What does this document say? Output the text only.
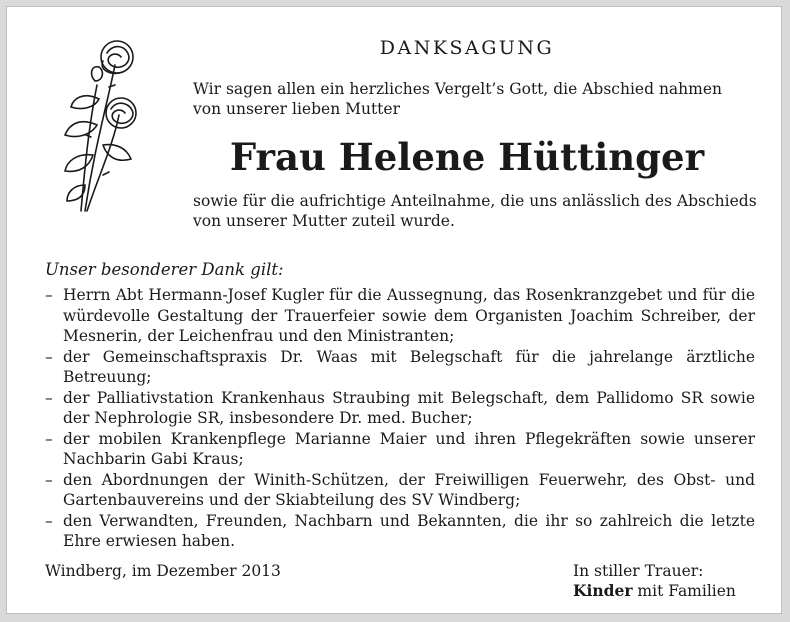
DANKSAGUNG
Wir sagen allen ein herzliches Vergelt’s Gott, die Abschied nahmen von unserer lieben Mutter
Frau Helene Hüttinger
sowie für die aufrichtige Anteilnahme, die uns anlässlich des Abschieds von unserer Mutter zuteil wurde.
Unser besonderer Dank gilt:
– Herrn Abt Hermann-Josef Kugler für die Aussegnung, das Rosenkranzgebet und für die würdevolle Gestaltung der Trauerfeier sowie dem Organisten Joachim Schreiber, der Mesnerin, der Leichenfrau und den Ministranten;
– der Gemeinschaftspraxis Dr. Waas mit Belegschaft für die jahrelange ärztliche Betreuung;
– der Palliativstation Krankenhaus Straubing mit Belegschaft, dem Pallidomo SR sowie der Nephrologie SR, insbesondere Dr. med. Bucher;
– der mobilen Krankenpflege Marianne Maier und ihren Pflegekräften sowie unserer Nachbarin Gabi Kraus;
– den Abordnungen der Winith-Schützen, der Freiwilligen Feuerwehr, des Obst- und Gartenbauvereins und der Skiabteilung des SV Windberg;
– den Verwandten, Freunden, Nachbarn und Bekannten, die ihr so zahlreich die letzte Ehre erwiesen haben.
Windberg, im Dezember 2013	In stiller Trauer:
Kinder mit Familien
